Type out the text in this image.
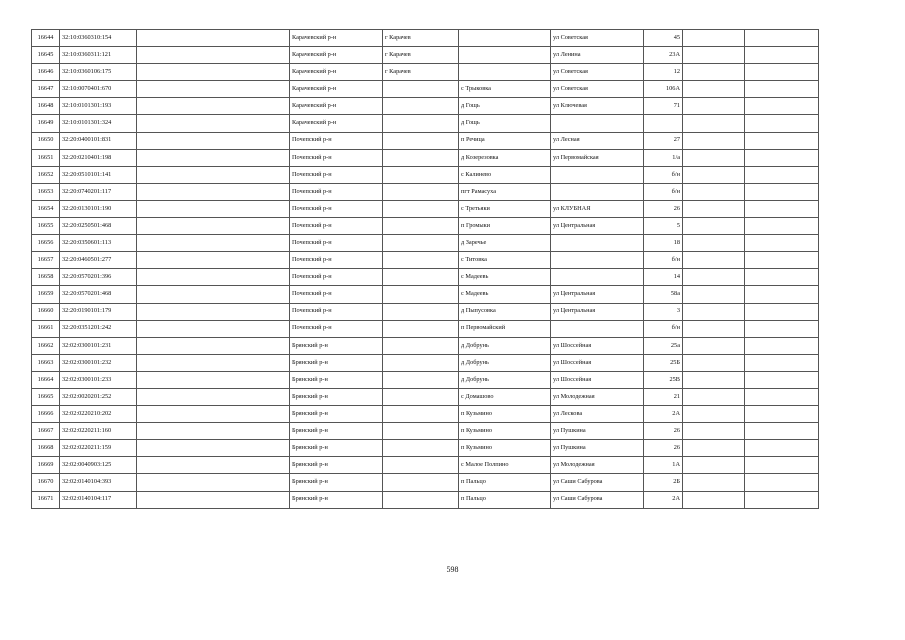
16644	32:10:0360310:154		Карачевский р-н	г Карачев		ул Советская	45		
16645	32:10:0360311:121		Карачевский р-н	г Карачев		ул Ленина	23А		
16646	32:10:0360106:175		Карачевский р-н	г Карачев		ул Советская	12		
16647	32:10:0070401:670		Карачевский р-н		с Трыковка	ул Советская	106А		
16648	32:10:0101301:193		Карачевский р-н		д Гощь	ул Ключевая	71		
16649	32:10:0101301:324		Карачевский р-н		д Гощь				
16650	32:20:0400101:831		Почепский р-н		п Речица	ул Лесная	27		
16651	32:20:0210401:198		Почепский р-н		д Козерезовка	ул Первомайская	1/а		
16652	32:20:0510101:141		Почепский р-н		с Калинево		б/н		
16653	32:20:0740201:117		Почепский р-н		пгт Рамасуха		б/н		
16654	32:20:0130101:190		Почепский р-н		с Третьяки	ул КЛУБНАЯ	26		
16655	32:20:0250501:468		Почепский р-н		п Громыки	ул Центральная	5		
16656	32:20:0350601:113		Почепский р-н		д Заречье		18		
16657	32:20:0460501:277		Почепский р-н		с Титовка		б/н		
16658	32:20:0570201:396		Почепский р-н		с Мадеевь		14		
16659	32:20:0570201:468		Почепский р-н		с Мадеевь	ул Центральная	58а		
16660	32:20:0190101:179		Почепский р-н		д Пыпусовка	ул Центральная	3		
16661	32:20:0351201:242		Почепский р-н		п Первомайский		б/н		
16662	32:02:0300101:231		Брянский р-н		д Добрунь	ул Шоссейная	25а		
16663	32:02:0300101:232		Брянский р-н		д Добрунь	ул Шоссейная	25Б		
16664	32:02:0300101:233		Брянский р-н		д Добрунь	ул Шоссейная	25В		
16665	32:02:0020201:252		Брянский р-н		с Домашово	ул Молодежная	21		
16666	32:02:0220210:202		Брянский р-н		п Кузьмино	ул Лескова	2А		
16667	32:02:0220211:160		Брянский р-н		п Кузьмино	ул Пушкина	26		
16668	32:02:0220211:159		Брянский р-н		п Кузьмино	ул Пушкина	26		
16669	32:02:0040903:125		Брянский р-н		с Малое Полпино	ул Молодежная	1А		
16670	32:02:0140104:393		Брянский р-н		п Пальцо	ул Саши Сабурова	2Б		
16671	32:02:0140104:117		Брянский р-н		п Пальцо	ул Саши Сабурова	2А		
598
